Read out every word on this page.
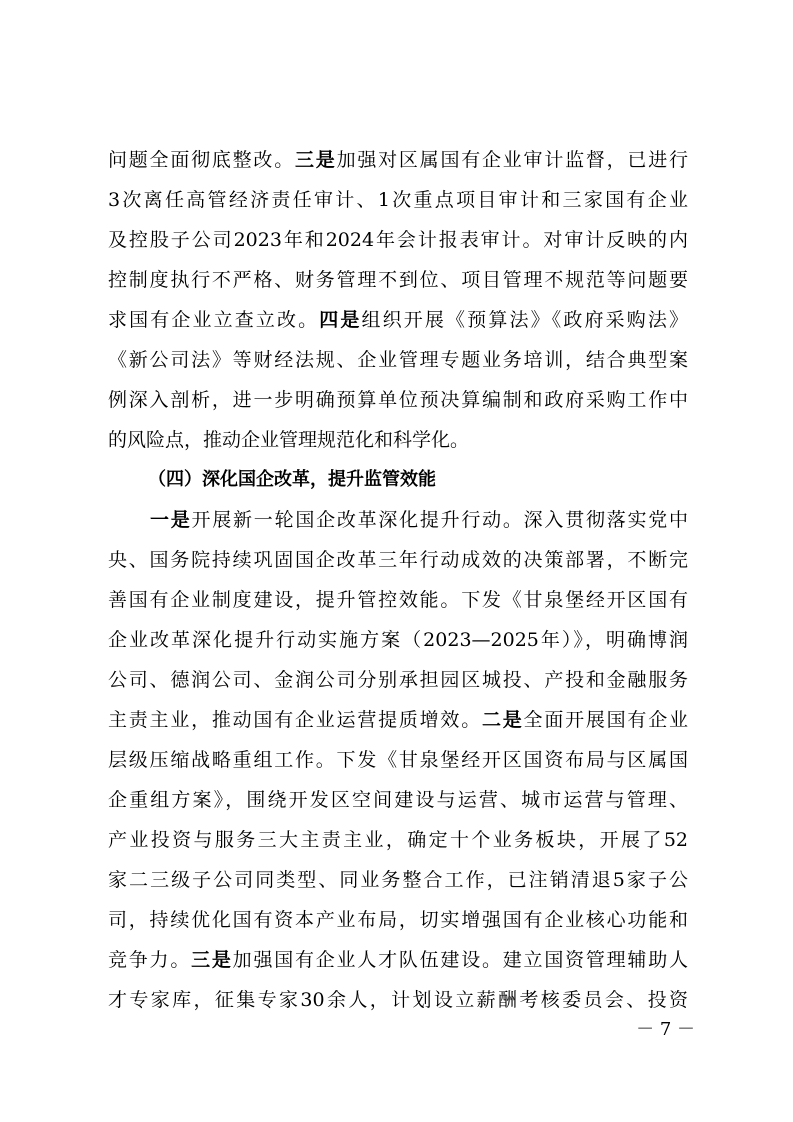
问题全面彻底整改。三是加强对区属国有企业审计监督，已进行
3次离任高管经济责任审计、1次重点项目审计和三家国有企业
及控股子公司2023年和2024年会计报表审计。对审计反映的内
控制度执行不严格、财务管理不到位、项目管理不规范等问题要
求国有企业立查立改。四是组织开展《预算法》《政府采购法》
《新公司法》等财经法规、企业管理专题业务培训，结合典型案
例深入剖析，进一步明确预算单位预决算编制和政府采购工作中
的风险点，推动企业管理规范化和科学化。
（四）深化国企改革，提升监管效能
一是开展新一轮国企改革深化提升行动。深入贯彻落实党中
央、国务院持续巩固国企改革三年行动成效的决策部署，不断完
善国有企业制度建设，提升管控效能。下发《甘泉堡经开区国有
企业改革深化提升行动实施方案（2023—2025年）》，明确博润
公司、德润公司、金润公司分别承担园区城投、产投和金融服务
主责主业，推动国有企业运营提质增效。二是全面开展国有企业
层级压缩战略重组工作。下发《甘泉堡经开区国资布局与区属国
企重组方案》，围绕开发区空间建设与运营、城市运营与管理、
产业投资与服务三大主责主业，确定十个业务板块，开展了52
家二三级子公司同类型、同业务整合工作，已注销清退5家子公
司，持续优化国有资本产业布局，切实增强国有企业核心功能和
竞争力。三是加强国有企业人才队伍建设。建立国资管理辅助人
才专家库，征集专家30余人，计划设立薪酬考核委员会、投资
－ 7 －
